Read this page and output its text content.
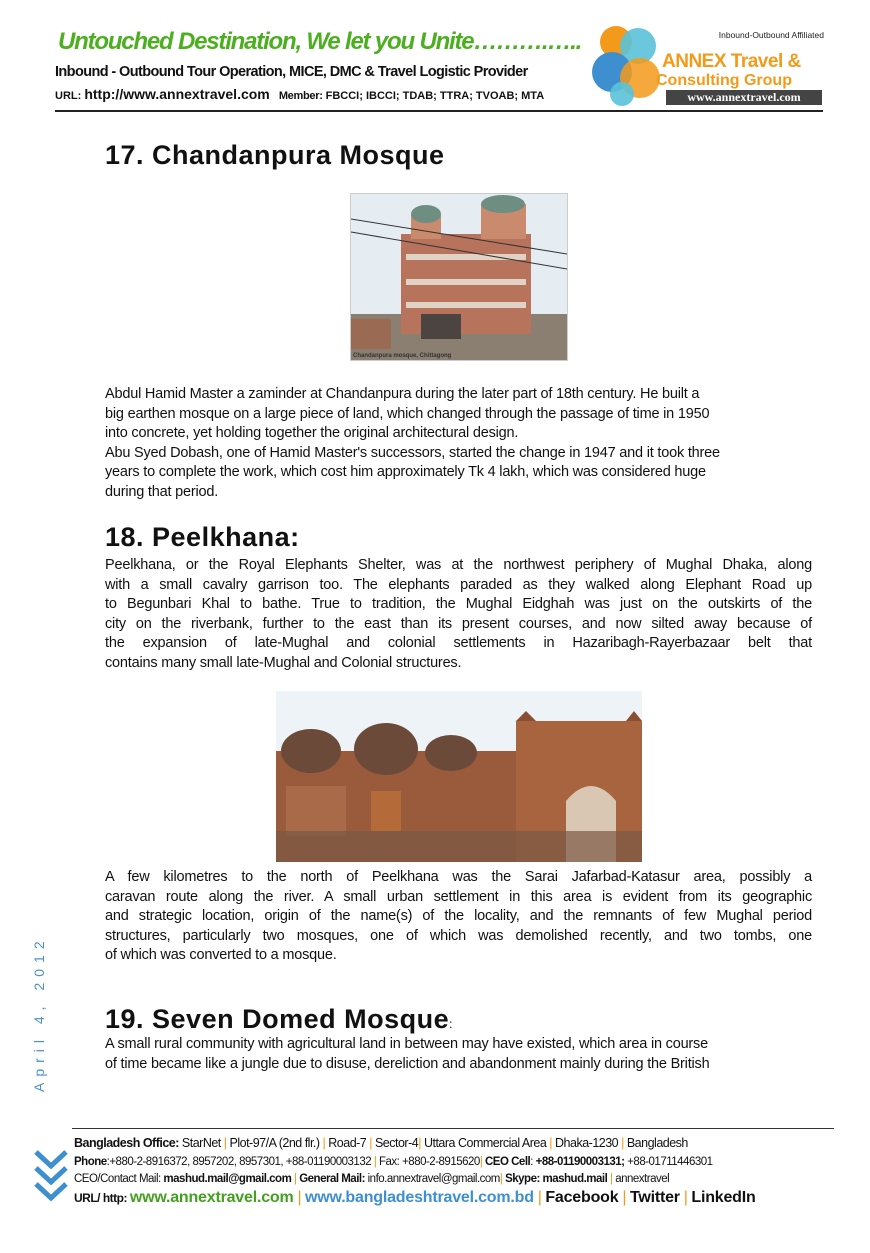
Untouched Destination, We let you Unite……….…..
Inbound - Outbound Tour Operation, MICE, DMC & Travel Logistic Provider
URL: http://www.annextravel.com Member: FBCCI; IBCCI; TDAB; TTRA; TVOAB; MTA
Inbound-Outbound Affiliated
ANNEX Travel &
Consulting Group
www.annextravel.com
April 4, 2012
17. Chandanpura Mosque
Chandanpura mosque, Chittagong
Abdul Hamid Master a zaminder at Chandanpura during the later part of 18th century. He built a
big earthen mosque on a large piece of land, which changed through the passage of time in 1950
into concrete, yet holding together the original architectural design.
Abu Syed Dobash, one of Hamid Master's successors, started the change in 1947 and it took three
years to complete the work, which cost him approximately Tk 4 lakh, which was considered huge
during that period.
18. Peelkhana:
Peelkhana, or the Royal Elephants Shelter, was at the northwest periphery of Mughal Dhaka, along
with a small cavalry garrison too. The elephants paraded as they walked along Elephant Road up
to Begunbari Khal to bathe. True to tradition, the Mughal Eidghah was just on the outskirts of the
city on the riverbank, further to the east than its present courses, and now silted away because of
the expansion of late-Mughal and colonial settlements in Hazaribagh-Rayerbazaar belt that
contains many small late-Mughal and Colonial structures.
A few kilometres to the north of Peelkhana was the Sarai Jafarbad-Katasur area, possibly a
caravan route along the river. A small urban settlement in this area is evident from its geographic
and strategic location, origin of the name(s) of the locality, and the remnants of few Mughal period
structures, particularly two mosques, one of which was demolished recently, and two tombs, one
of which was converted to a mosque.
19. Seven Domed Mosque:
A small rural community with agricultural land in between may have existed, which area in course
of time became like a jungle due to disuse, dereliction and abandonment mainly during the British
Bangladesh Office: StarNet | Plot-97/A (2nd flr.) | Road-7 | Sector-4| Uttara Commercial Area | Dhaka-1230 | Bangladesh
Phone:+880-2-8916372, 8957202, 8957301, +88-01190003132 | Fax: +880-2-8915620| CEO Cell: +88-01190003131; +88-01711446301
CEO/Contact Mail: mashud.mail@gmail.com | General Mail: info.annextravel@gmail.com| Skype: mashud.mail | annextravel
URL/ http: www.annextravel.com | www.bangladeshtravel.com.bd | Facebook | Twitter | LinkedIn
